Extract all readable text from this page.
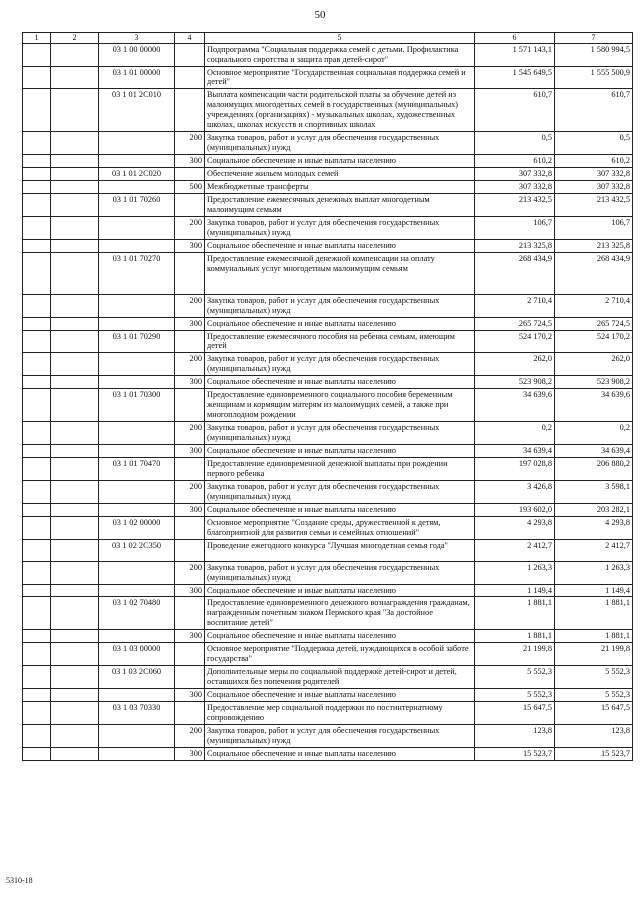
50
1	2	3	4	5	6	7
		03 1 00 00000		Подпрограмма "Социальная поддержка семей с детьми. Профилактика социального сиротства и защита прав детей-сирот"	1 571 143,1	1 580 994,5
		03 1 01 00000		Основное мероприятие "Государственная социальная поддержка семей и детей"	1 545 649,5	1 555 500,9
		03 1 01 2С010		Выплата компенсации части родительской платы за обучение детей из малоимущих многодетных семей в государственных (муниципальных) учреждениях (организациях) - музыкальных школах, художественных школах, школах искусств и спортивных школах	610,7	610,7
			200	Закупка товаров, работ и услуг для обеспечения государственных (муниципальных) нужд	0,5	0,5
			300	Социальное обеспечение и иные выплаты населению	610,2	610,2
		03 1 01 2С020		Обеспечение жильем молодых семей	307 332,8	307 332,8
			500	Межбюджетные трансферты	307 332,8	307 332,8
		03 1 01 70260		Предоставление ежемесячных денежных выплат многодетным малоимущим семьям	213 432,5	213 432,5
			200	Закупка товаров, работ и услуг для обеспечения государственных (муниципальных) нужд	106,7	106,7
			300	Социальное обеспечение и иные выплаты населению	213 325,8	213 325,8
		03 1 01 70270		Предоставление ежемесячной денежной компенсации на оплату коммунальных услуг многодетным малоимущим семьям	268 434,9	268 434,9
			200	Закупка товаров, работ и услуг для обеспечения государственных (муниципальных) нужд	2 710,4	2 710,4
			300	Социальное обеспечение и иные выплаты населению	265 724,5	265 724,5
		03 1 01 70290		Предоставление ежемесячного пособия на ребенка семьям, имеющим детей	524 170,2	524 170,2
			200	Закупка товаров, работ и услуг для обеспечения государственных (муниципальных) нужд	262,0	262,0
			300	Социальное обеспечение и иные выплаты населению	523 908,2	523 908,2
		03 1 01 70300		Предоставление единовременного социального пособия беременным женщинам и кормящим матерям из малоимущих семей, а также при многоплодном рождении	34 639,6	34 639,6
			200	Закупка товаров, работ и услуг для обеспечения государственных (муниципальных) нужд	0,2	0,2
			300	Социальное обеспечение и иные выплаты населению	34 639,4	34 639,4
		03 1 01 70470		Предоставление единовременной денежной выплаты при рождении первого ребенка	197 028,8	206 880,2
			200	Закупка товаров, работ и услуг для обеспечения государственных (муниципальных) нужд	3 426,8	3 598,1
			300	Социальное обеспечение и иные выплаты населению	193 602,0	203 282,1
		03 1 02 00000		Основное мероприятие "Создание среды, дружественной к детям, благоприятной для развития семьи и семейных отношений"	4 293,8	4 293,8
		03 1 02 2С350		Проведение ежегодного конкурса "Лучшая многодетная семья года"	2 412,7	2 412,7
			200	Закупка товаров, работ и услуг для обеспечения государственных (муниципальных) нужд	1 263,3	1 263,3
			300	Социальное обеспечение и иные выплаты населению	1 149,4	1 149,4
		03 1 02 70480		Предоставление единовременного денежного вознаграждения гражданам, награжденным почетным знаком Пермского края "За достойное воспитание детей"	1 881,1	1 881,1
			300	Социальное обеспечение и иные выплаты населению	1 881,1	1 881,1
		03 1 03 00000		Основное мероприятие "Поддержка детей, нуждающихся в особой заботе государства"	21 199,8	21 199,8
		03 1 03 2С060		Дополнительные меры по социальной поддержке детей-сирот и детей, оставшихся без попечения родителей	5 552,3	5 552,3
			300	Социальное обеспечение и иные выплаты населению	5 552,3	5 552,3
		03 1 03 70330		Предоставление мер социальной поддержки по постинтернатному сопровождению	15 647,5	15 647,5
			200	Закупка товаров, работ и услуг для обеспечения государственных (муниципальных) нужд	123,8	123,8
			300	Социальное обеспечение и иные выплаты населению	15 523,7	15 523,7
5310-18
